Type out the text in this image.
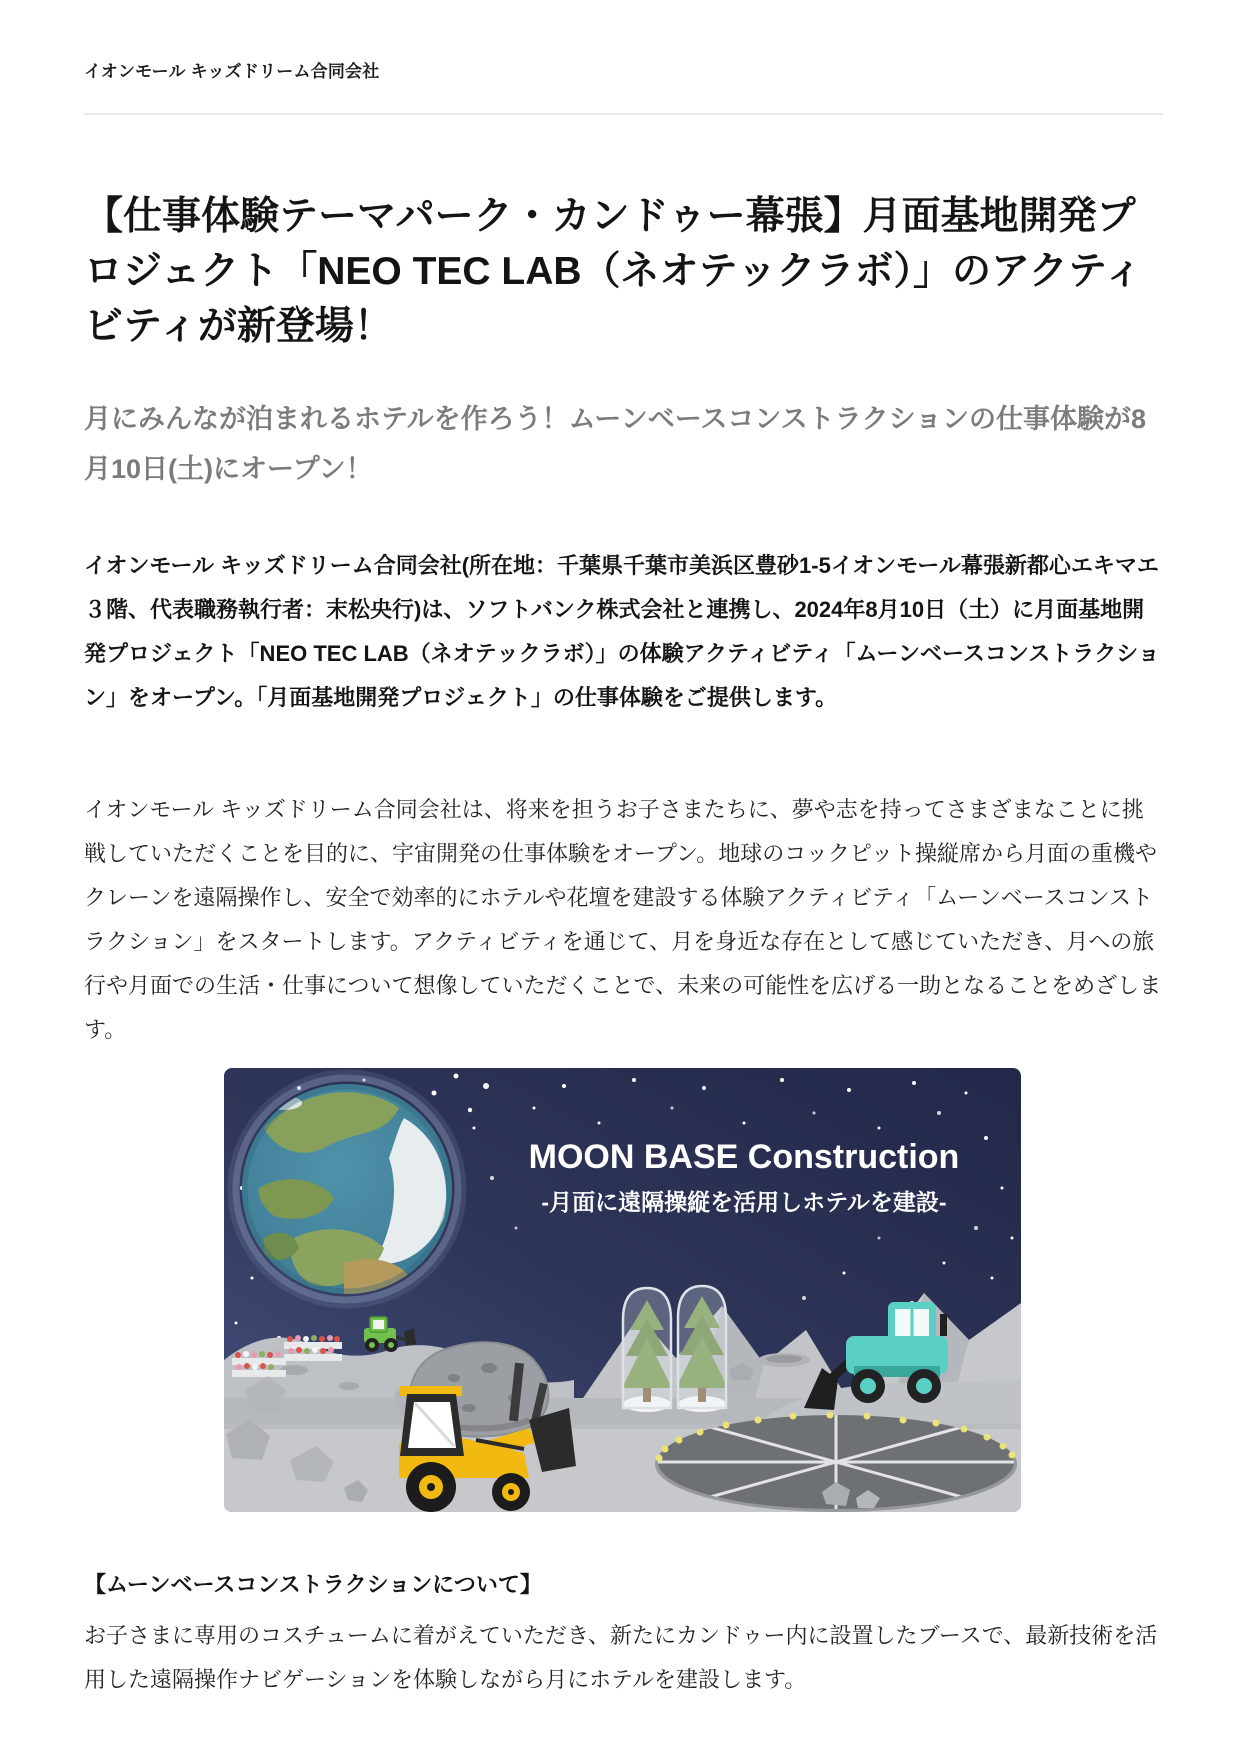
イオンモール キッズドリーム合同会社
【仕事体験テーマパーク・カンドゥー幕張】月面基地開発プロジェクト「NEO TEC LAB（ネオテックラボ）」のアクティビティが新登場！
月にみんなが泊まれるホテルを作ろう！ムーンベースコンストラクションの仕事体験が8月10日(土)にオープン！

イオンモール キッズドリーム合同会社(所在地：千葉県千葉市美浜区豊砂1-5イオンモール幕張新都心エキマエ３階、代表職務執行者：末松央行)は、ソフトバンク株式会社と連携し、2024年8月10日（土）に月面基地開発プロジェクト「NEO TEC LAB（ネオテックラボ）」の体験アクティビティ「ムーンベースコンストラクション」をオープン。「月面基地開発プロジェクト」の仕事体験をご提供します。

イオンモール キッズドリーム合同会社は、将来を担うお子さまたちに、夢や志を持ってさまざまなことに挑戦していただくことを目的に、宇宙開発の仕事体験をオープン。地球のコックピット操縦席から月面の重機やクレーンを遠隔操作し、安全で効率的にホテルや花壇を建設する体験アクティビティ「ムーンベースコンストラクション」をスタートします。アクティビティを通じて、月を身近な存在として感じていただき、月への旅行や月面での生活・仕事について想像していただくことで、未来の可能性を広げる一助となることをめざします。

MOON BASE Construction
-月面に遠隔操縦を活用しホテルを建設-
【ムーンベースコンストラクションについて】

お子さまに専用のコスチュームに着がえていただき、新たにカンドゥー内に設置したブースで、最新技術を活用した遠隔操作ナビゲーションを体験しながら月にホテルを建設します。
